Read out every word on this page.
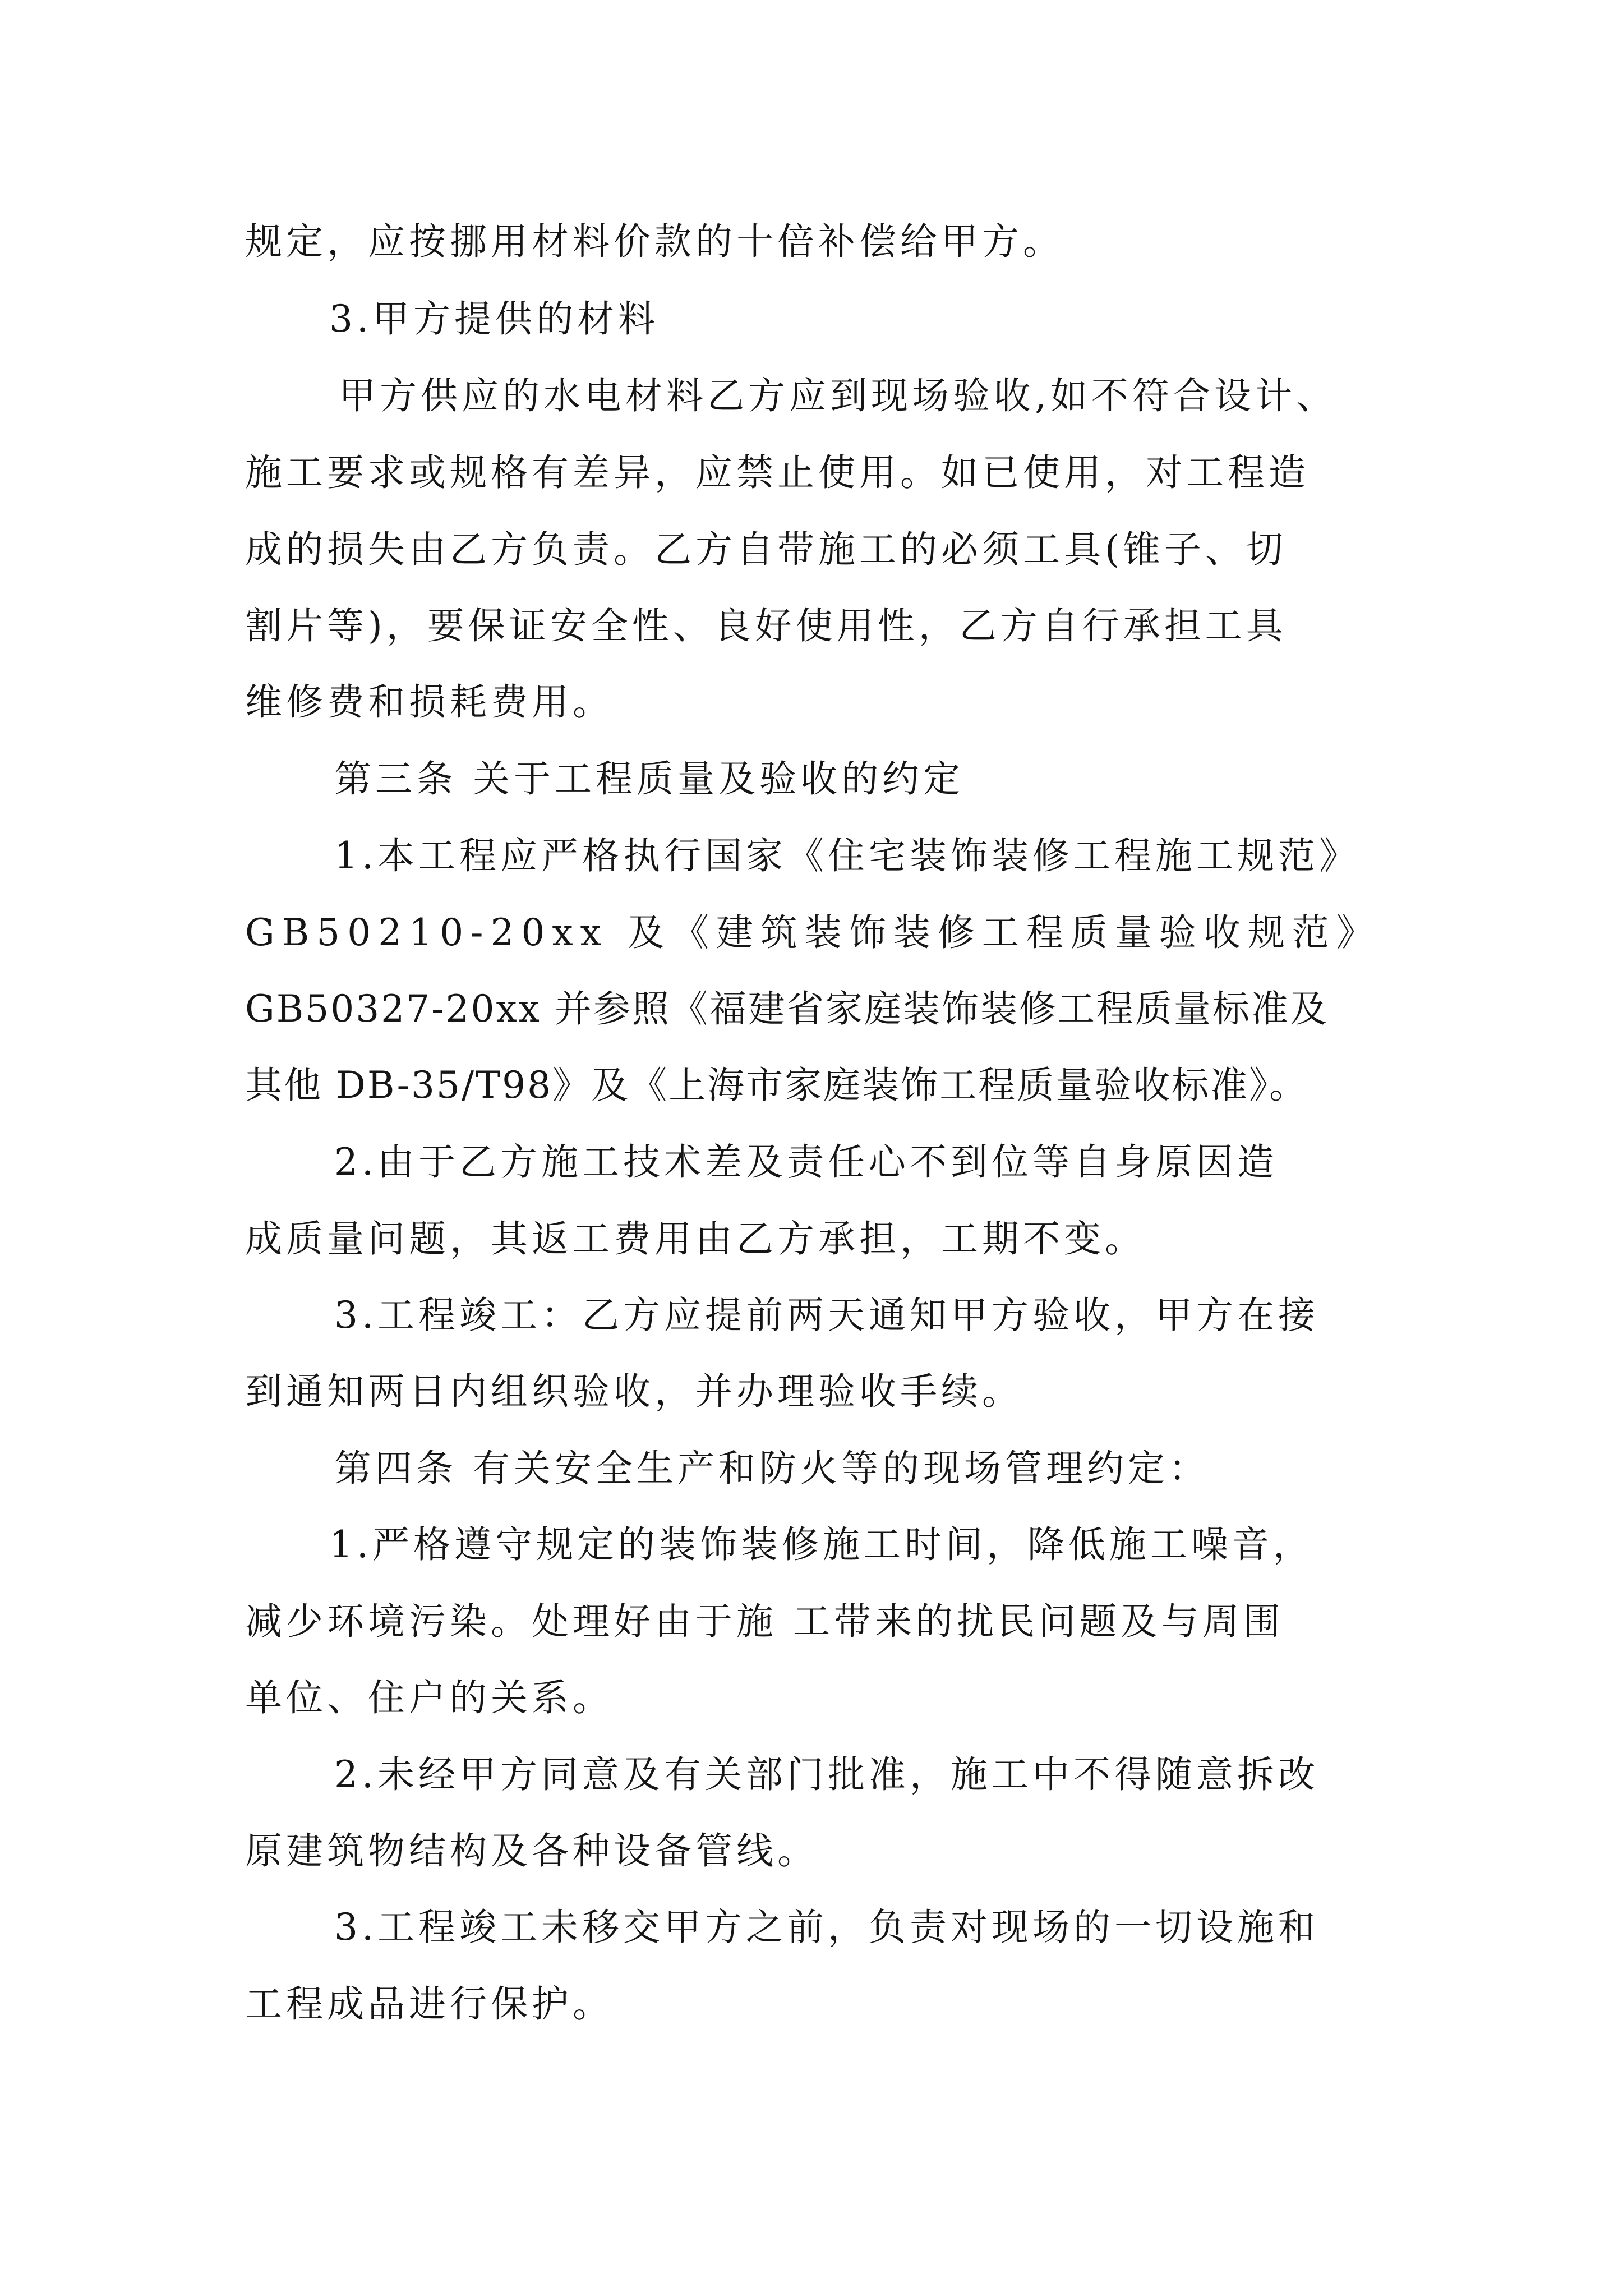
规定，应按挪用材料价款的十倍补偿给甲方。
3.甲方提供的材料
甲方供应的水电材料乙方应到现场验收,如不符合设计、
施工要求或规格有差异，应禁止使用。如已使用，对工程造
成的损失由乙方负责。乙方自带施工的必须工具(锥子、切
割片等)，要保证安全性、良好使用性，乙方自行承担工具
维修费和损耗费用。
第三条 关于工程质量及验收的约定
1.本工程应严格执行国家《住宅装饰装修工程施工规范》
GB50210-20xx 及《建筑装饰装修工程质量验收规范》
GB50327-20xx 并参照《福建省家庭装饰装修工程质量标准及
其他 DB-35/T98》及《上海市家庭装饰工程质量验收标准》。
2.由于乙方施工技术差及责任心不到位等自身原因造
成质量问题，其返工费用由乙方承担，工期不变。
3.工程竣工：乙方应提前两天通知甲方验收，甲方在接
到通知两日内组织验收，并办理验收手续。
第四条 有关安全生产和防火等的现场管理约定：
1.严格遵守规定的装饰装修施工时间，降低施工噪音，
减少环境污染。处理好由于施 工带来的扰民问题及与周围
单位、住户的关系。
2.未经甲方同意及有关部门批准，施工中不得随意拆改
原建筑物结构及各种设备管线。
3.工程竣工未移交甲方之前，负责对现场的一切设施和
工程成品进行保护。
